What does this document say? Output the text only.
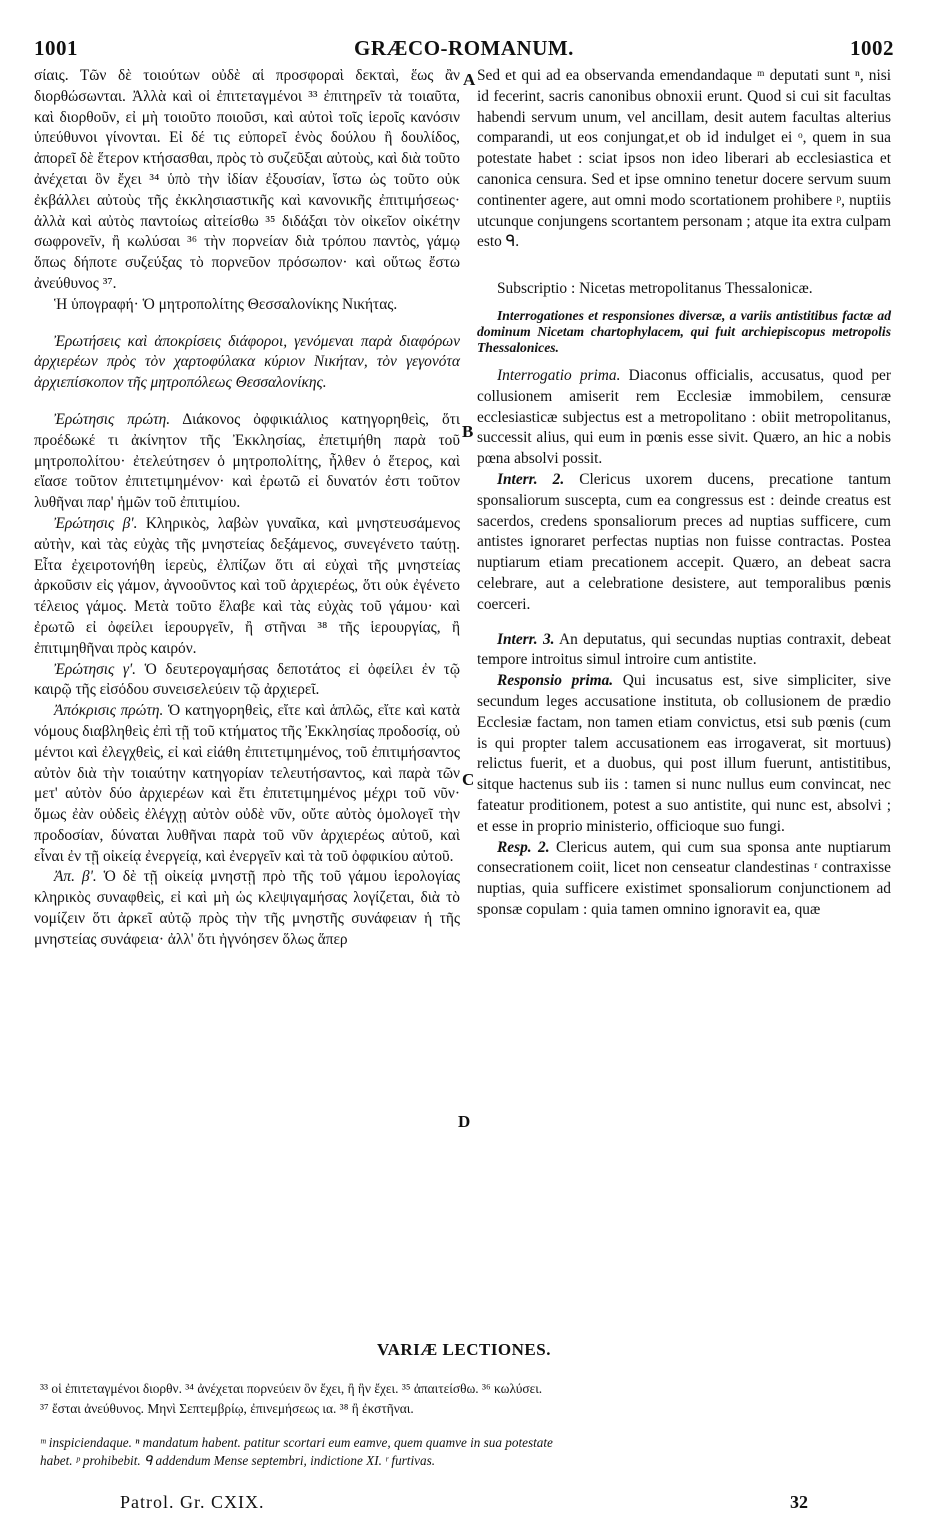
1001	GRÆCO-ROMANUM.	1002
A
B
C
D

σίαις. Τῶν δὲ τοιούτων οὐδὲ αἱ προσφοραὶ δεκταὶ, ἕως ἂν διορθώσωνται. Ἀλλὰ καὶ οἱ ἐπιτεταγμένοι ³³ ἐπιτηρεῖν τὰ τοιαῦτα, καὶ διορθοῦν, εἰ μὴ τοιοῦτο ποιοῦσι, καὶ αὐτοὶ τοῖς ἱεροῖς κανόσιν ὑπεύθυνοι γίνονται. Εἰ δέ τις εὐπορεῖ ἑνὸς δούλου ἢ δουλίδος, ἀπορεῖ δὲ ἕτερον κτήσασθαι, πρὸς τὸ συζεῦξαι αὐτοὺς, καὶ διὰ τοῦτο ἀνέχεται ὃν ἔχει ³⁴ ὑπὸ τὴν ἰδίαν ἐξουσίαν, ἴστω ὡς τοῦτο οὐκ ἐκβάλλει αὐτοὺς τῆς ἐκκλησιαστικῆς καὶ κανονικῆς ἐπιτιμήσεως· ἀλλὰ καὶ αὐτὸς παντοίως αἰτείσθω ³⁵ διδάξαι τὸν οἰκεῖον οἰκέτην σωφρονεῖν, ἢ κωλύσαι ³⁶ τὴν πορνείαν διὰ τρόπου παντὸς, γάμῳ ὅπως δήποτε συζεύξας τὸ πορνεῦον πρόσωπον· καὶ οὕτως ἔστω ἀνεύθυνος ³⁷.

Ἡ ὑπογραφή· Ὁ μητροπολίτης Θεσσαλονίκης Νικήτας.

Ἐρωτήσεις καὶ ἀποκρίσεις διάφοροι, γενόμεναι παρὰ διαφόρων ἀρχιερέων πρὸς τὸν χαρτοφύλακα κύριον Νικήταν, τὸν γεγονότα ἀρχιεπίσκοπον τῆς μητροπόλεως Θεσσαλονίκης.

Ἐρώτησις πρώτη. Διάκονος ὀφφικιάλιος κατηγορηθεὶς, ὅτι προέδωκέ τι ἀκίνητον τῆς Ἐκκλησίας, ἐπετιμήθη παρὰ τοῦ μητροπολίτου· ἐτελεύτησεν ὁ μητροπολίτης, ἦλθεν ὁ ἕτερος, καὶ εἴασε τοῦτον ἐπιτετιμημένον· καὶ ἐρωτῶ εἰ δυνατόν ἐστι τοῦτον λυθῆναι παρ' ἡμῶν τοῦ ἐπιτιμίου.

Ἐρώτησις β'. Κληρικὸς, λαβὼν γυναῖκα, καὶ μνηστευσάμενος αὐτὴν, καὶ τὰς εὐχὰς τῆς μνηστείας δεξάμενος, συνεγένετο ταύτῃ. Εἶτα ἐχειροτονήθη ἱερεὺς, ἐλπίζων ὅτι αἱ εὐχαὶ τῆς μνηστείας ἀρκοῦσιν εἰς γάμον, ἀγνοοῦντος καὶ τοῦ ἀρχιερέως, ὅτι οὐκ ἐγένετο τέλειος γάμος. Μετὰ τοῦτο ἔλαβε καὶ τὰς εὐχὰς τοῦ γάμου· καὶ ἐρωτῶ εἰ ὀφείλει ἱερουργεῖν, ἢ στῆναι ³⁸ τῆς ἱερουργίας, ἢ ἐπιτιμηθῆναι πρὸς καιρόν.

Ἐρώτησις γ'. Ὁ δευτερογαμήσας δεποτάτος εἰ ὀφείλει ἐν τῷ καιρῷ τῆς εἰσόδου συνεισελεύειν τῷ ἀρχιερεῖ.

Ἀπόκρισις πρώτη. Ὁ κατηγορηθεὶς, εἴτε καὶ ἁπλῶς, εἴτε καὶ κατὰ νόμους διαβληθεὶς ἐπὶ τῇ τοῦ κτήματος τῆς Ἐκκλησίας προδοσίᾳ, οὐ μέντοι καὶ ἐλεγχθεὶς, εἰ καὶ εἰάθη ἐπιτετιμημένος, τοῦ ἐπιτιμήσαντος αὐτὸν διὰ τὴν τοιαύτην κατηγορίαν τελευτήσαντος, καὶ παρὰ τῶν μετ' αὐτὸν δύο ἀρχιερέων καὶ ἔτι ἐπιτετιμημένος μέχρι τοῦ νῦν· ὅμως ἐὰν οὐδεὶς ἐλέγχῃ αὐτὸν οὐδὲ νῦν, οὔτε αὐτὸς ὁμολογεῖ τὴν προδοσίαν, δύναται λυθῆναι παρὰ τοῦ νῦν ἀρχιερέως αὐτοῦ, καὶ εἶναι ἐν τῇ οἰκείᾳ ἐνεργείᾳ, καὶ ἐνεργεῖν καὶ τὰ τοῦ ὀφφικίου αὐτοῦ.

Ἀπ. β'. Ὁ δὲ τῇ οἰκείᾳ μνηστῇ πρὸ τῆς τοῦ γάμου ἱερολογίας κληρικὸς συναφθεὶς, εἰ καὶ μὴ ὡς κλεψιγαμήσας λογίζεται, διὰ τὸ νομίζειν ὅτι ἀρκεῖ αὐτῷ πρὸς τὴν τῆς μνηστῆς συνάφειαν ἡ τῆς μνηστείας συνάφεια· ἀλλ' ὅτι ἠγνόησεν ὅλως ἅπερ

Sed et qui ad ea observanda emendandaque ᵐ deputati sunt ⁿ, nisi id fecerint, sacris canonibus obnoxii erunt. Quod si cui sit facultas habendi servum unum, vel ancillam, desit autem facultas alterius comparandi, ut eos conjungat,et ob id indulget ei ᵒ, quem in sua potestate habet : sciat ipsos non ideo liberari ab ecclesiastica et canonica censura. Sed et ipse omnino tenetur docere servum suum continenter agere, aut omni modo scortationem prohibere ᵖ, nuptiis utcunque conjungens scortantem personam ; atque ita extra culpam esto ᑫ.

Subscriptio : Nicetas metropolitanus Thessalonicæ.

Interrogationes et responsiones diversæ, a variis antistitibus factæ ad dominum Nicetam chartophylacem, qui fuit archiepiscopus metropolis Thessalonices.

Interrogatio prima. Diaconus officialis, accusatus, quod per collusionem amiserit rem Ecclesiæ immobilem, censuræ ecclesiasticæ subjectus est a metropolitano : obiit metropolitanus, successit alius, qui eum in pœnis esse sivit. Quæro, an hic a nobis pœna absolvi possit.

Interr. 2. Clericus uxorem ducens, precatione tantum sponsaliorum suscepta, cum ea congressus est : deinde creatus est sacerdos, credens sponsaliorum preces ad nuptias sufficere, cum antistes ignoraret perfectas nuptias non fuisse contractas. Postea nuptiarum etiam precationem accepit. Quæro, an debeat sacra celebrare, aut a celebratione desistere, aut temporalibus pœnis coerceri.

Interr. 3. An deputatus, qui secundas nuptias contraxit, debeat tempore introitus simul introire cum antistite.

Responsio prima. Qui incusatus est, sive simpliciter, sive secundum leges accusatione instituta, ob collusionem de prædio Ecclesiæ factam, non tamen etiam convictus, etsi sub pœnis (cum is qui propter talem accusationem eas irrogaverat, sit mortuus) relictus fuerit, et a duobus, qui post illum fuerunt, antistitibus, sitque hactenus sub iis : tamen si nunc nullus eum convincat, nec fateatur proditionem, potest a suo antistite, qui nunc est, absolvi ; et esse in proprio ministerio, officioque suo fungi.

Resp. 2. Clericus autem, qui cum sua sponsa ante nuptiarum consecrationem coiit, licet non censeatur clandestinas ʳ contraxisse nuptias, quia sufficere existimet sponsaliorum conjunctionem ad sponsæ copulam : quia tamen omnino ignoravit ea, quæ

VARIÆ LECTIONES.
³³ οἱ ἐπιτεταγμένοι διορθν. ³⁴ ἀνέχεται πορνεύειν ὃν ἔχει, ἢ ἣν ἔχει. ³⁵ ἀπαιτείσθω. ³⁶ κωλύσει.
³⁷ ἔσται ἀνεύθυνος. Μηνὶ Σεπτεμβρίῳ, ἐπινεμήσεως ια. ³⁸ ἢ ἐκστῆναι.
ᵐ inspiciendaque. ⁿ mandatum habent. patitur scortari eum eamve, quem quamve in sua potestate
habet. ᵖ prohibebit. ᑫ addendum Mense septembri, indictione XI. ʳ furtivas.
Patrol. Gr. CXIX.	32
